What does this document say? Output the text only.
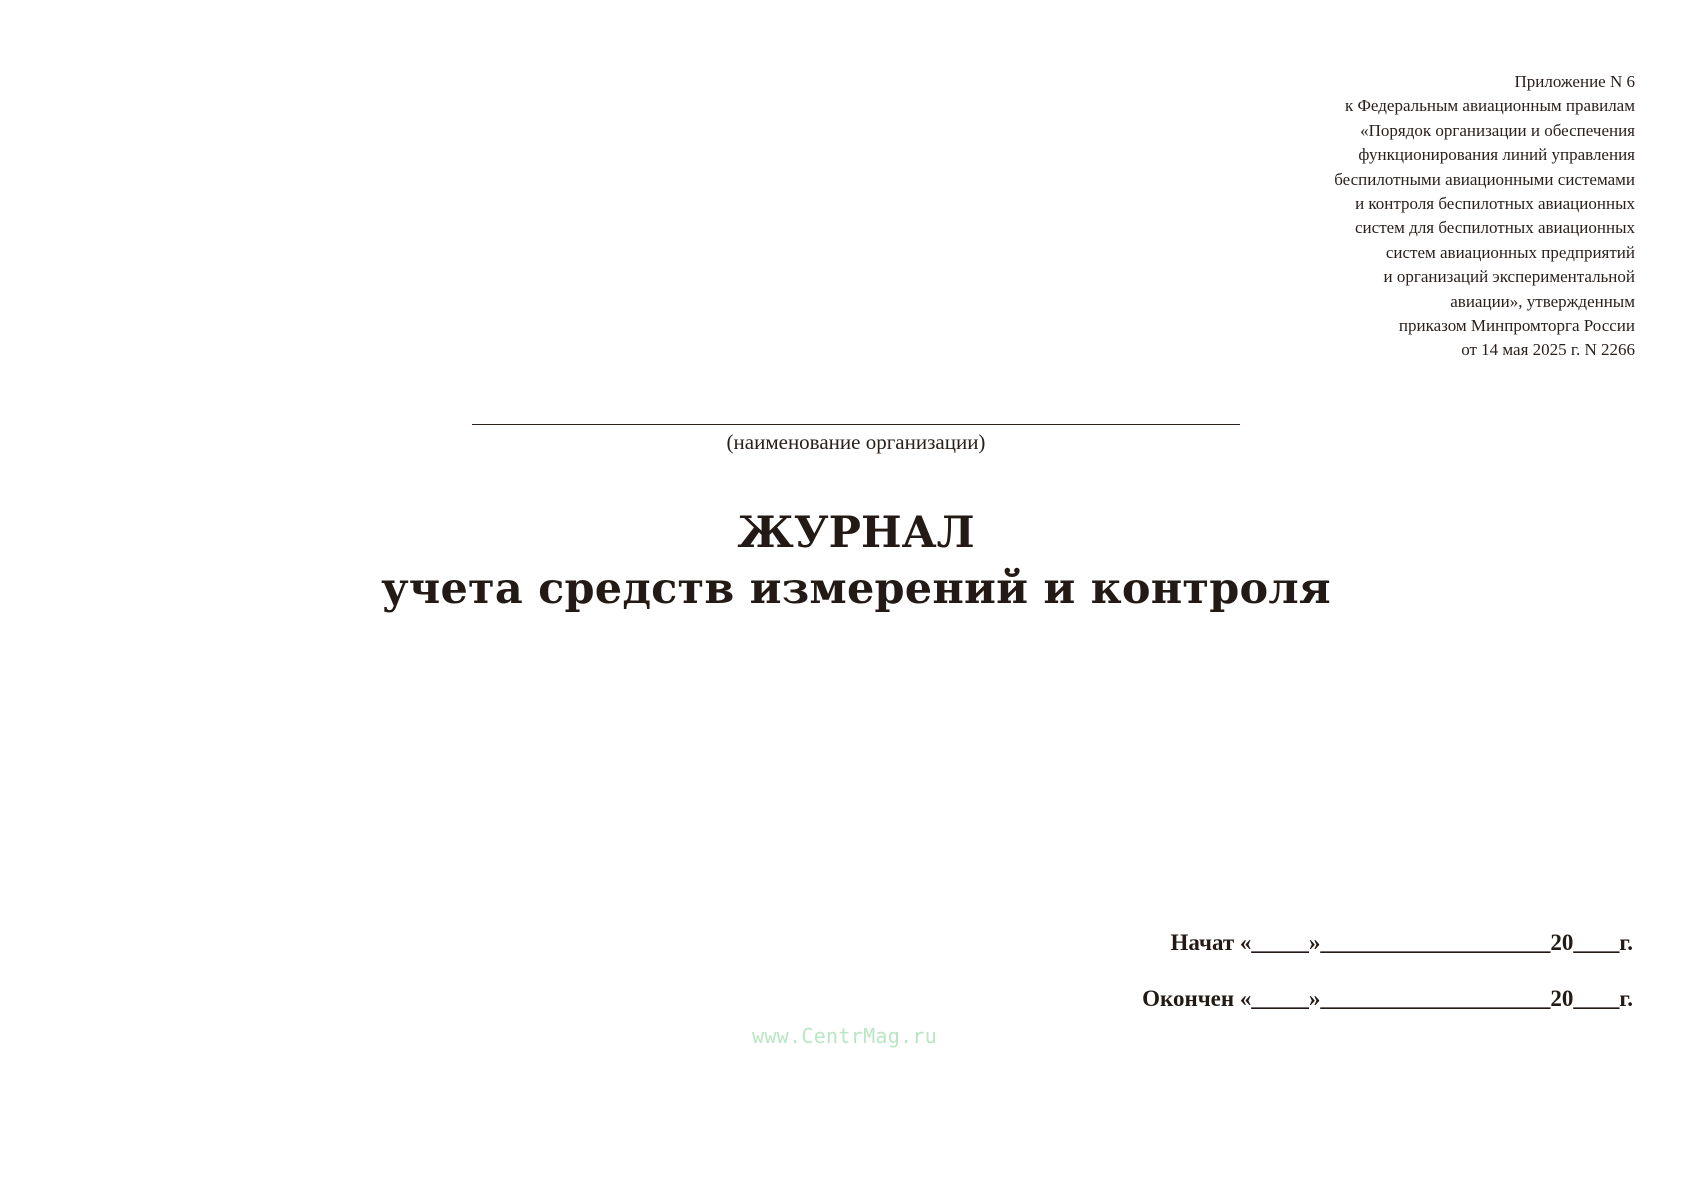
Приложение N 6
к Федеральным авиационным правилам
«Порядок организации и обеспечения
функционирования линий управления
беспилотными авиационными системами
и контроля беспилотных авиационных
систем для беспилотных авиационных
систем авиационных предприятий
и организаций экспериментальной
авиации», утвержденным
приказом Минпромторга России
от 14 мая 2025 г. N 2266
(наименование организации)
ЖУРНАЛ
учета средств измерений и контроля
Начат «_____»____________________20____г.
Окончен «_____»____________________20____г.
www.CentrMag.ru
